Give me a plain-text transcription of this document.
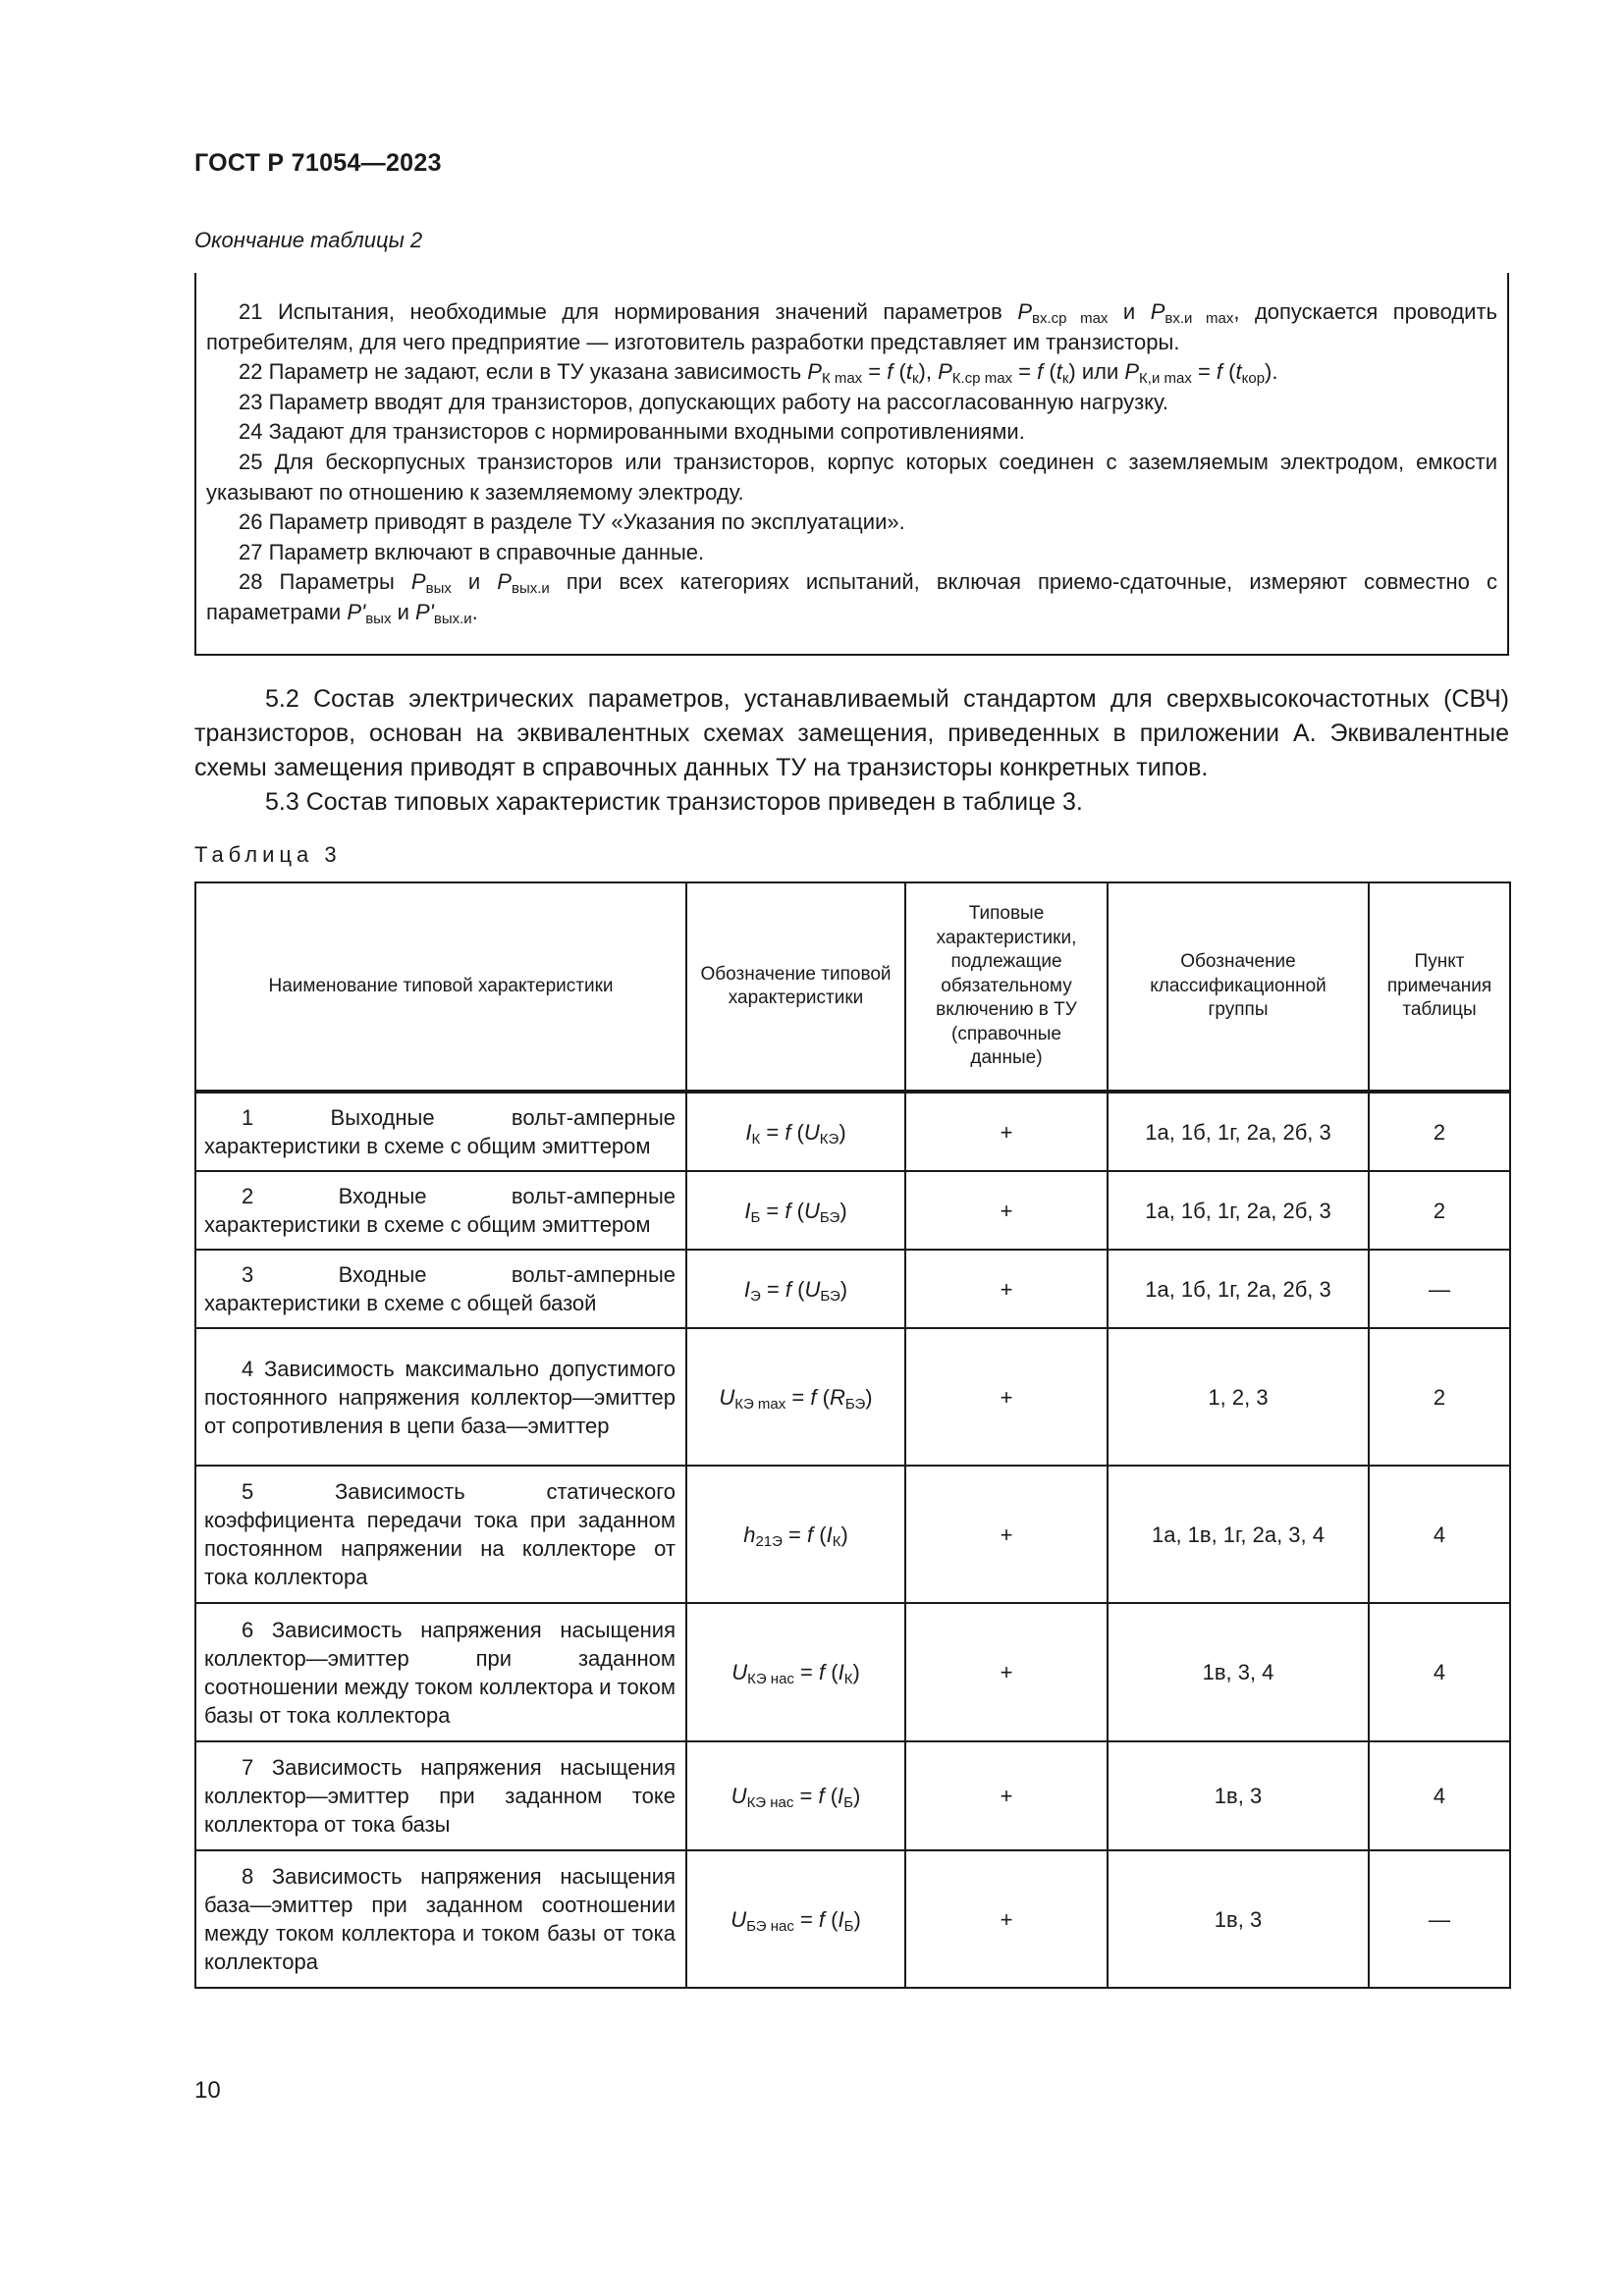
ГОСТ Р 71054—2023
Окончание таблицы 2

21 Испытания, необходимые для нормирования значений параметров $P_{вх.ср max}$ и $P_{вх.и max}$, допускается проводить потребителям, для чего предприятие — изготовитель разработки представляет им транзисторы.

22 Параметр не задают, если в ТУ указана зависимость $P_{К max} = f$ $(t_к)$, $P_{К.ср max} = f$ $(t_к)$ или $P_{К,и max} = f$ $(t_{кор})$.

23 Параметр вводят для транзисторов, допускающих работу на рассогласованную нагрузку.

24 Задают для транзисторов с нормированными входными сопротивлениями.

25 Для бескорпусных транзисторов или транзисторов, корпус которых соединен с заземляемым электродом, емкости указывают по отношению к заземляемому электроду.

26 Параметр приводят в разделе ТУ «Указания по эксплуатации».

27 Параметр включают в справочные данные.

28 Параметры $P_{вых}$ и $P_{вых.и}$ при всех категориях испытаний, включая приемо-сдаточные, измеряют совместно с параметрами $P'_{вых}$ и $P'_{вых.и}$.

5.2 Состав электрических параметров, устанавливаемый стандартом для сверхвысокочастотных (СВЧ) транзисторов, основан на эквивалентных схемах замещения, приведенных в приложении А. Эквивалентные схемы замещения приводят в справочных данных ТУ на транзисторы конкретных типов.

5.3 Состав типовых характеристик транзисторов приведен в таблице 3.

Таблица 3
Наименование типовой характеристики	Обозначение типовой характеристики	Типовые характеристики, подлежащие обязательному включению в ТУ (справочные данные)	Обозначение классификационной группы	Пункт примечания таблицы
1 Выходные вольт-амперные характеристики в схеме с общим эмиттером	$I_К = f$ $(U_{КЭ})$	+	1а, 1б, 1г, 2а, 2б, 3	2
2 Входные вольт-амперные характеристики в схеме с общим эмиттером	$I_Б = f$ $(U_{БЭ})$	+	1а, 1б, 1г, 2а, 2б, 3	2
3 Входные вольт-амперные характеристики в схеме с общей базой	$I_Э = f$ $(U_{БЭ})$	+	1а, 1б, 1г, 2а, 2б, 3	—
4 Зависимость максимально допустимого постоянного напряжения коллектор—эмиттер от сопротивления в цепи база—эмиттер	$U_{КЭ max} = f$ $(R_{БЭ})$	+	1, 2, 3	2
5 Зависимость статического коэффициента передачи тока при заданном постоянном напряжении на коллекторе от тока коллектора	$h_{21Э} = f$ $(I_К)$	+	1а, 1в, 1г, 2а, 3, 4	4
6 Зависимость напряжения насыщения коллектор—эмиттер при заданном соотношении между током коллектора и током базы от тока коллектора	$U_{КЭ нас} = f$ $(I_К)$	+	1в, 3, 4	4
7 Зависимость напряжения насыщения коллектор—эмиттер при заданном токе коллектора от тока базы	$U_{КЭ нас} = f$ $(I_Б)$	+	1в, 3	4
8 Зависимость напряжения насыщения база—эмиттер при заданном соотношении между током коллектора и током базы от тока коллектора	$U_{БЭ нас} = f$ $(I_Б)$	+	1в, 3	—
10
